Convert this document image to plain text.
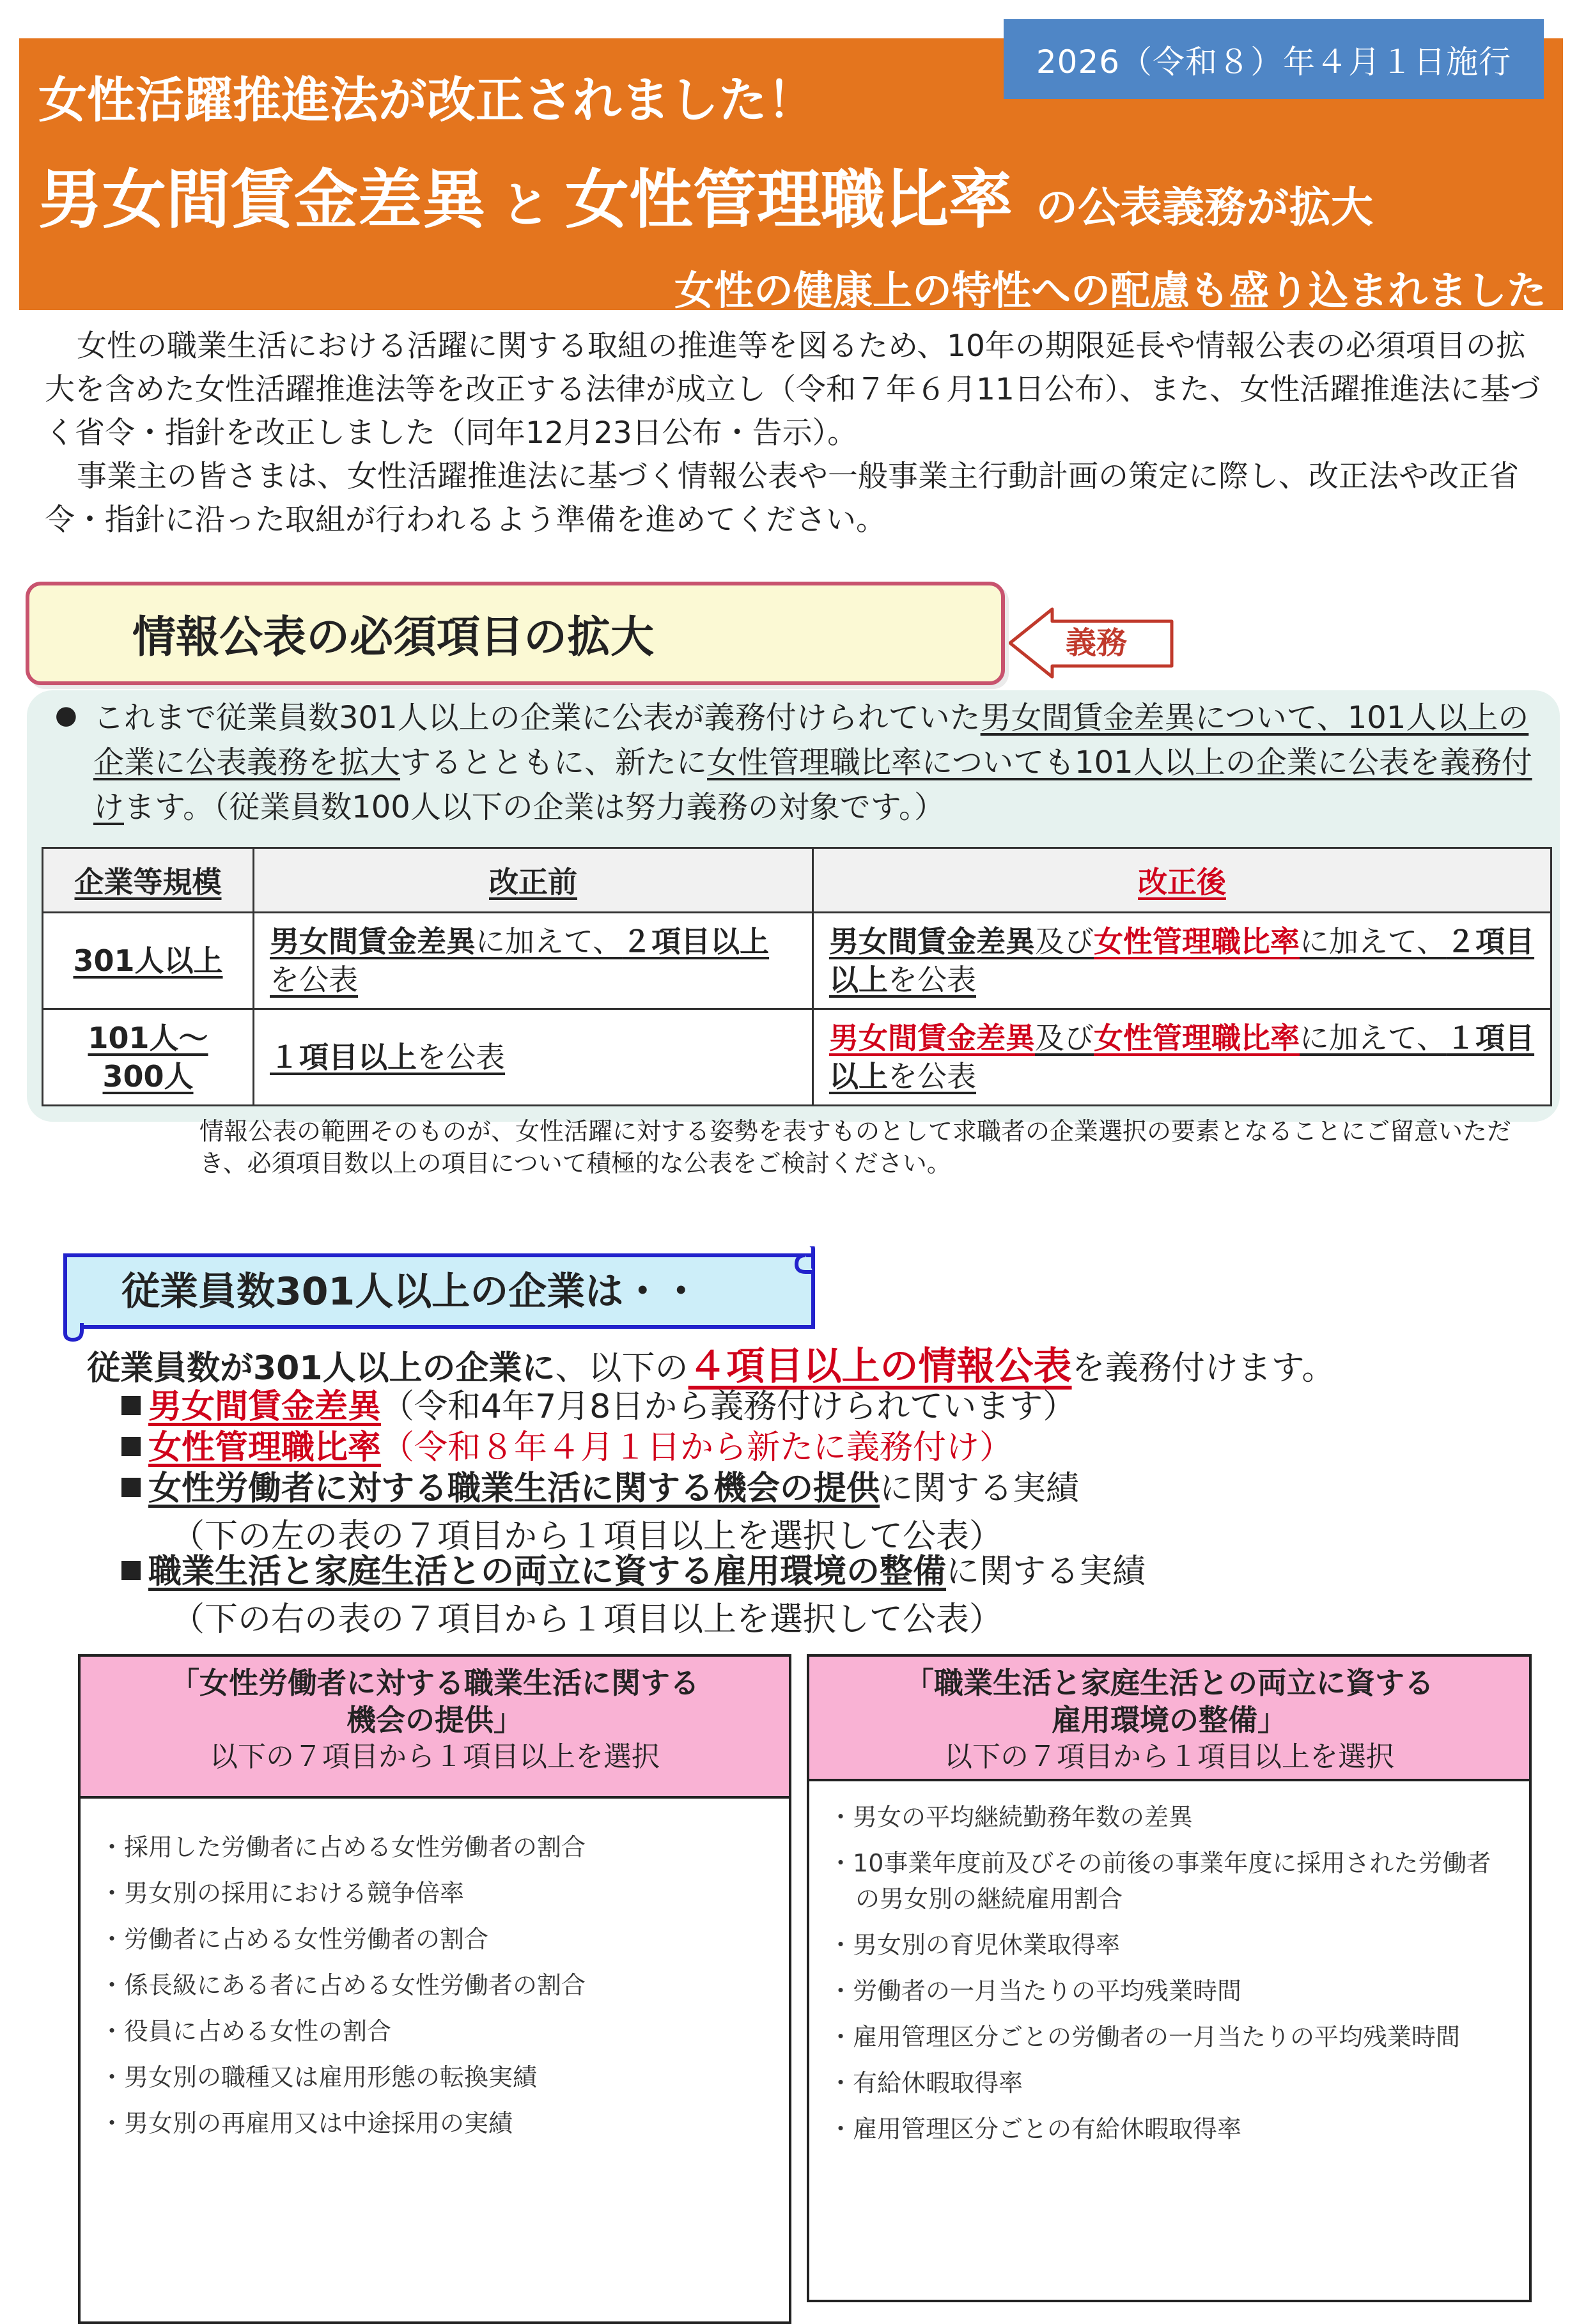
2026（令和８）年４月１日施行
女性活躍推進法が改正されました！
男女間賃金差異 と 女性管理職比率 の公表義務が拡大
女性の健康上の特性への配慮も盛り込まれました

女性の職業生活における活躍に関する取組の推進等を図るため、10年の期限延長や情報公表の必須項目の拡大を含めた女性活躍推進法等を改正する法律が成立し（令和７年６月11日公布）、また、女性活躍推進法に基づく省令・指針を改正しました（同年12月23日公布・告示）。

事業主の皆さまは、女性活躍推進法に基づく情報公表や一般事業主行動計画の策定に際し、改正法や改正省令・指針に沿った取組が行われるよう準備を進めてください。

情報公表の必須項目の拡大	義務
● これまで従業員数301人以上の企業に公表が義務付けられていた男女間賃金差異について、101人以上の企業に公表義務を拡大するとともに、新たに女性管理職比率についても101人以上の企業に公表を義務付けます。（従業員数100人以下の企業は努力義務の対象です。）
企業等規模	改正前	改正後
301人以上	男女間賃金差異に加えて、２項目以上を公表	男女間賃金差異及び女性管理職比率に加えて、２項目以上を公表
101人～
300人	１項目以上を公表	男女間賃金差異及び女性管理職比率に加えて、１項目以上を公表
情報公表の範囲そのものが、女性活躍に対する姿勢を表すものとして求職者の企業選択の要素となることにご留意いただき、必須項目数以上の項目について積極的な公表をご検討ください。
従業員数301人以上の企業は・・
従業員数が301人以上の企業に、以下の４項目以上の情報公表を義務付けます。
男女間賃金差異（令和4年7月8日から義務付けられています）
女性管理職比率（令和８年４月１日から新たに義務付け）
女性労働者に対する職業生活に関する機会の提供に関する実績
（下の左の表の７項目から１項目以上を選択して公表）
職業生活と家庭生活との両立に資する雇用環境の整備に関する実績
（下の右の表の７項目から１項目以上を選択して公表）
「女性労働者に対する職業生活に関する
機会の提供」
以下の７項目から１項目以上を選択
・ 採用した労働者に占める女性労働者の割合
・ 男女別の採用における競争倍率
・ 労働者に占める女性労働者の割合
・ 係長級にある者に占める女性労働者の割合
・ 役員に占める女性の割合
・ 男女別の職種又は雇用形態の転換実績
・ 男女別の再雇用又は中途採用の実績
「職業生活と家庭生活との両立に資する
雇用環境の整備」
以下の７項目から１項目以上を選択
・ 男女の平均継続勤務年数の差異
・ 10事業年度前及びその前後の事業年度に採用された労働者の男女別の継続雇用割合
・ 男女別の育児休業取得率
・ 労働者の一月当たりの平均残業時間
・ 雇用管理区分ごとの労働者の一月当たりの平均残業時間
・ 有給休暇取得率
・ 雇用管理区分ごとの有給休暇取得率
